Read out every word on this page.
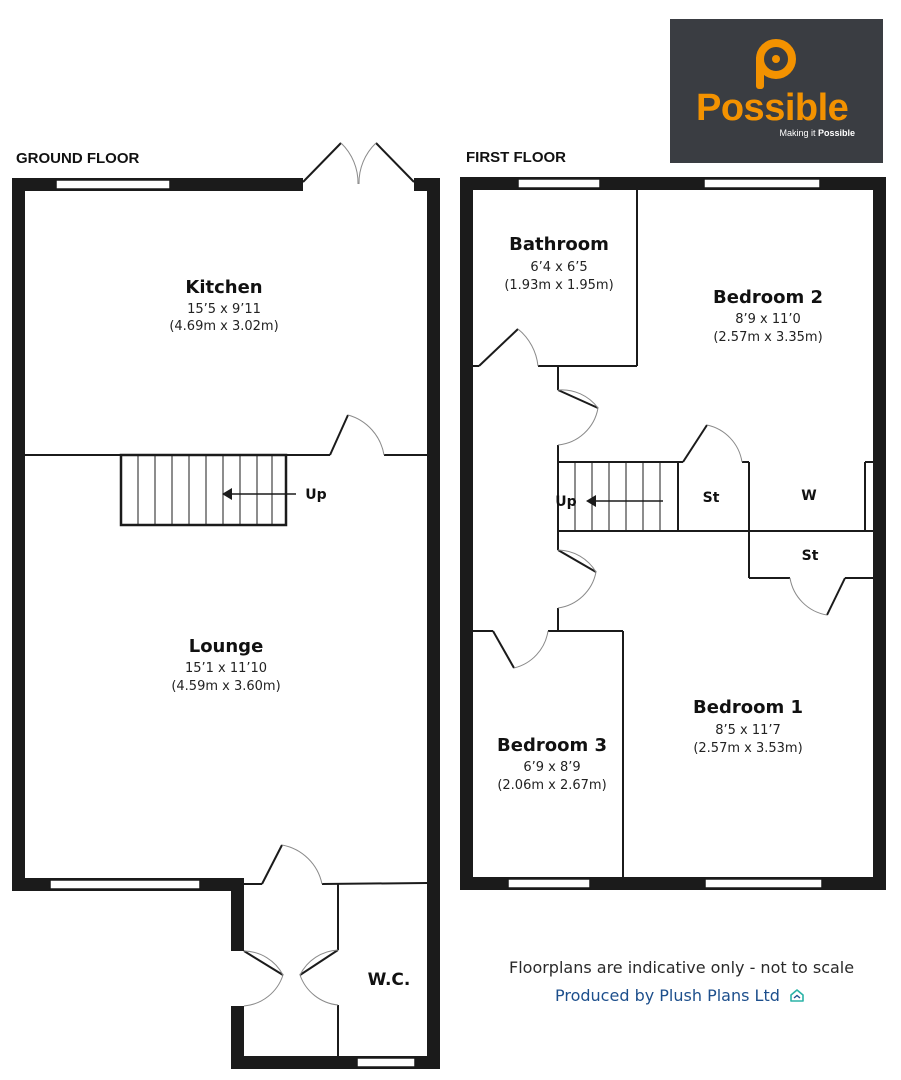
GROUND FLOOR
Up
Kitchen
15’5 x 9’11
(4.69m x 3.02m)
Lounge
15’1 x 11’10
(4.59m x 3.60m)
W.C.
FIRST FLOOR
Up
Bathroom
6’4 x 6’5
(1.93m x 1.95m)
Bedroom 2
8’9 x 11’0
(2.57m x 3.35m)
St	W
St
Bedroom 1
8’5 x 11’7
(2.57m x 3.53m)
Bedroom 3
6’9 x 8’9
(2.06m x 2.67m)
Possible
Making it Possible
Floorplans are indicative only - not to scale
Produced by Plush Plans Ltd
